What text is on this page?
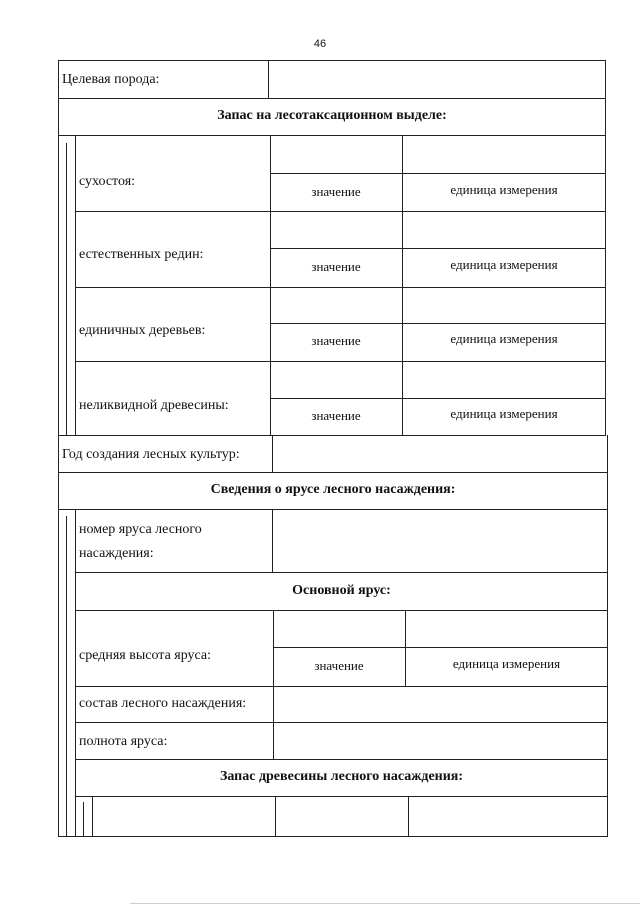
46
Целевая порода:
Запас на лесотаксационном выделе:
сухостоя:
значение	единица измерения
естественных редин:
значение	единица измерения
единичных деревьев:
значение	единица измерения
неликвидной древесины:
значение	единица измерения
Год создания лесных культур:
Сведения о ярусе лесного насаждения:
номер яруса лесного насаждения:
Основной ярус:
средняя высота яруса:
значение	единица измерения
состав лесного насаждения:
полнота яруса:
Запас древесины лесного насаждения:
